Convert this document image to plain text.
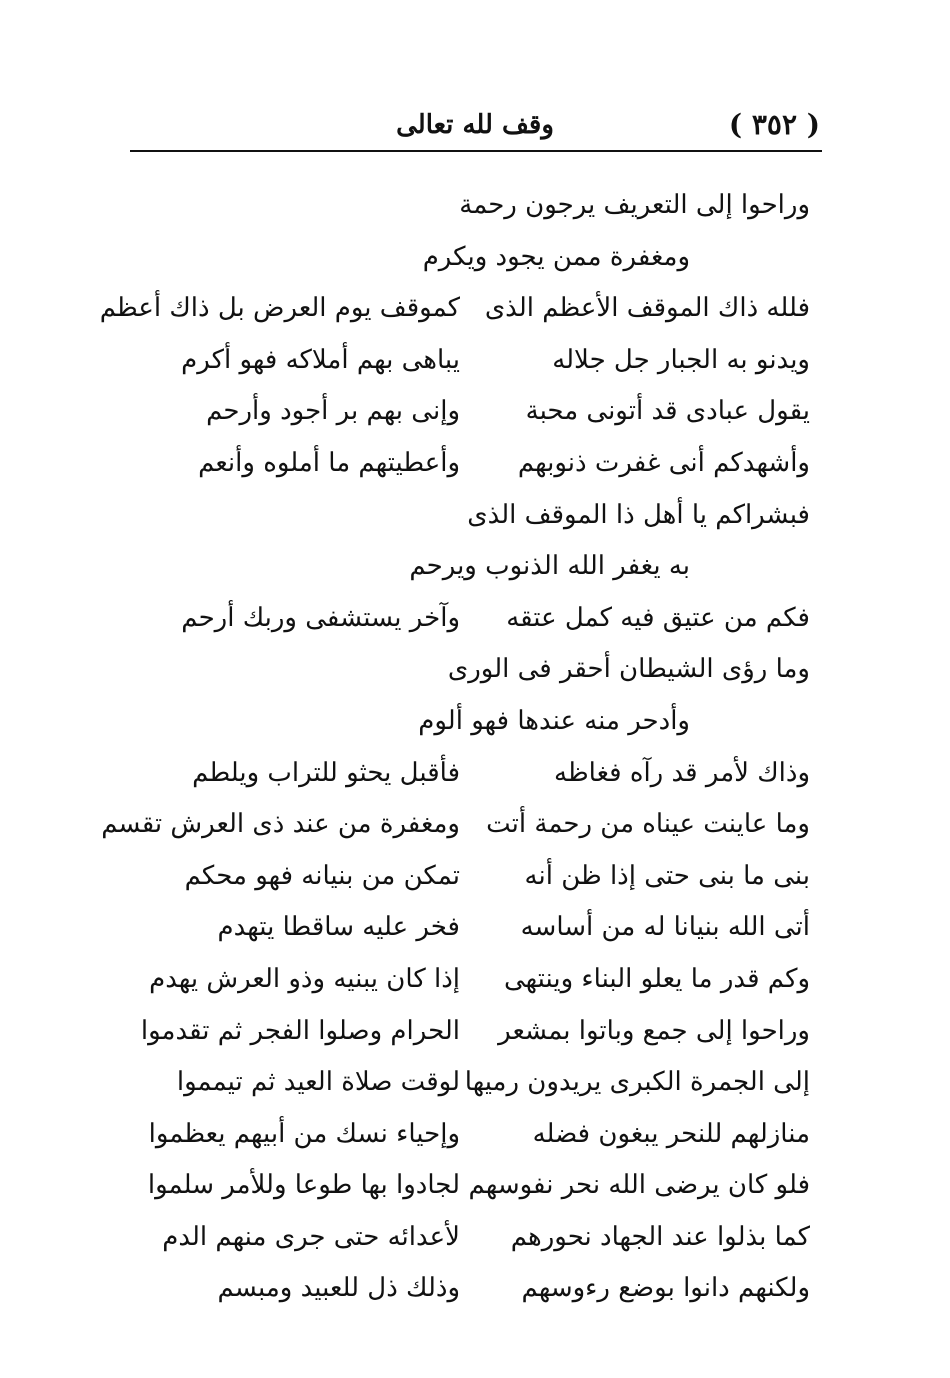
( ٣٥٢ )
وقف لله تعالى
وراحوا إلى التعريف يرجون رحمة
ومغفرة ممن يجود ويكرم
فلله ذاك الموقف الأعظم الذى
كموقف يوم العرض بل ذاك أعظم
ويدنو به الجبار جل جلاله
يباهى بهم أملاكه فهو أكرم
يقول عبادى قد أتونى محبة
وإنى بهم بر أجود وأرحم
وأشهدكم أنى غفرت ذنوبهم
وأعطيتهم ما أملوه وأنعم
فبشراكم يا أهل ذا الموقف الذى
به يغفر الله الذنوب ويرحم
فكم من عتيق فيه كمل عتقه
وآخر يستشفى وربك أرحم
وما رؤى الشيطان أحقر فى الورى
وأدحر منه عندها فهو ألوم
وذاك لأمر قد رآه فغاظه
فأقبل يحثو للتراب ويلطم
وما عاينت عيناه من رحمة أتت
ومغفرة من عند ذى العرش تقسم
بنى ما بنى حتى إذا ظن أنه
تمكن من بنيانه فهو محكم
أتى الله بنيانا له من أساسه
فخر عليه ساقطا يتهدم
وكم قدر ما يعلو البناء وينتهى
إذا كان يبنيه وذو العرش يهدم
وراحوا إلى جمع وباتوا بمشعر
الحرام وصلوا الفجر ثم تقدموا
إلى الجمرة الكبرى يريدون رميها
لوقت صلاة العيد ثم تيمموا
منازلهم للنحر يبغون فضله
وإحياء نسك من أبيهم يعظموا
فلو كان يرضى الله نحر نفوسهم
لجادوا بها طوعا وللأمر سلموا
كما بذلوا عند الجهاد نحورهم
لأعدائه حتى جرى منهم الدم
ولكنهم دانوا بوضع رءوسهم
وذلك ذل للعبيد ومبسم
